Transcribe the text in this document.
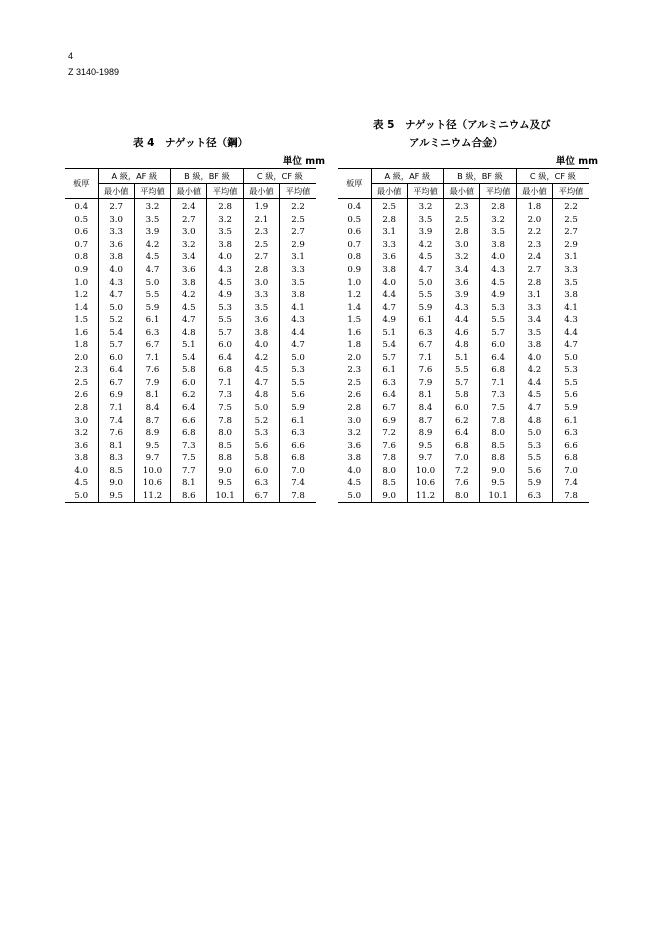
4
Z 3140-1989
表 4　ナゲット径（鋼）
単位 mm
表 5　ナゲット径（アルミニウム及び
アルミニウム合金）
単位 mm
板厚	A 級，AF 級		B 級，BF 級		C 級，CF 級	
	最小値	平均値	最小値	平均値	最小値	平均値
0.4	2.7	3.2	2.4	2.8	1.9	2.2
0.5	3.0	3.5	2.7	3.2	2.1	2.5
0.6	3.3	3.9	3.0	3.5	2.3	2.7
0.7	3.6	4.2	3.2	3.8	2.5	2.9
0.8	3.8	4.5	3.4	4.0	2.7	3.1
0.9	4.0	4.7	3.6	4.3	2.8	3.3
1.0	4.3	5.0	3.8	4.5	3.0	3.5
1.2	4.7	5.5	4.2	4.9	3.3	3.8
1.4	5.0	5.9	4.5	5.3	3.5	4.1
1.5	5.2	6.1	4.7	5.5	3.6	4.3
1.6	5.4	6.3	4.8	5.7	3.8	4.4
1.8	5.7	6.7	5.1	6.0	4.0	4.7
2.0	6.0	7.1	5.4	6.4	4.2	5.0
2.3	6.4	7.6	5.8	6.8	4.5	5.3
2.5	6.7	7.9	6.0	7.1	4.7	5.5
2.6	6.9	8.1	6.2	7.3	4.8	5.6
2.8	7.1	8.4	6.4	7.5	5.0	5.9
3.0	7.4	8.7	6.6	7.8	5.2	6.1
3.2	7.6	8.9	6.8	8.0	5.3	6.3
3.6	8.1	9.5	7.3	8.5	5.6	6.6
3.8	8.3	9.7	7.5	8.8	5.8	6.8
4.0	8.5	10.0	7.7	9.0	6.0	7.0
4.5	9.0	10.6	8.1	9.5	6.3	7.4
5.0	9.5	11.2	8.6	10.1	6.7	7.8
板厚	A 級，AF 級		B 級，BF 級		C 級，CF 級	
	最小値	平均値	最小値	平均値	最小値	平均値
0.4	2.5	3.2	2.3	2.8	1.8	2.2
0.5	2.8	3.5	2.5	3.2	2.0	2.5
0.6	3.1	3.9	2.8	3.5	2.2	2.7
0.7	3.3	4.2	3.0	3.8	2.3	2.9
0.8	3.6	4.5	3.2	4.0	2.4	3.1
0.9	3.8	4.7	3.4	4.3	2.7	3.3
1.0	4.0	5.0	3.6	4.5	2.8	3.5
1.2	4.4	5.5	3.9	4.9	3.1	3.8
1.4	4.7	5.9	4.3	5.3	3.3	4.1
1.5	4.9	6.1	4.4	5.5	3.4	4.3
1.6	5.1	6.3	4.6	5.7	3.5	4.4
1.8	5.4	6.7	4.8	6.0	3.8	4.7
2.0	5.7	7.1	5.1	6.4	4.0	5.0
2.3	6.1	7.6	5.5	6.8	4.2	5.3
2.5	6.3	7.9	5.7	7.1	4.4	5.5
2.6	6.4	8.1	5.8	7.3	4.5	5.6
2.8	6.7	8.4	6.0	7.5	4.7	5.9
3.0	6.9	8.7	6.2	7.8	4.8	6.1
3.2	7.2	8.9	6.4	8.0	5.0	6.3
3.6	7.6	9.5	6.8	8.5	5.3	6.6
3.8	7.8	9.7	7.0	8.8	5.5	6.8
4.0	8.0	10.0	7.2	9.0	5.6	7.0
4.5	8.5	10.6	7.6	9.5	5.9	7.4
5.0	9.0	11.2	8.0	10.1	6.3	7.8
